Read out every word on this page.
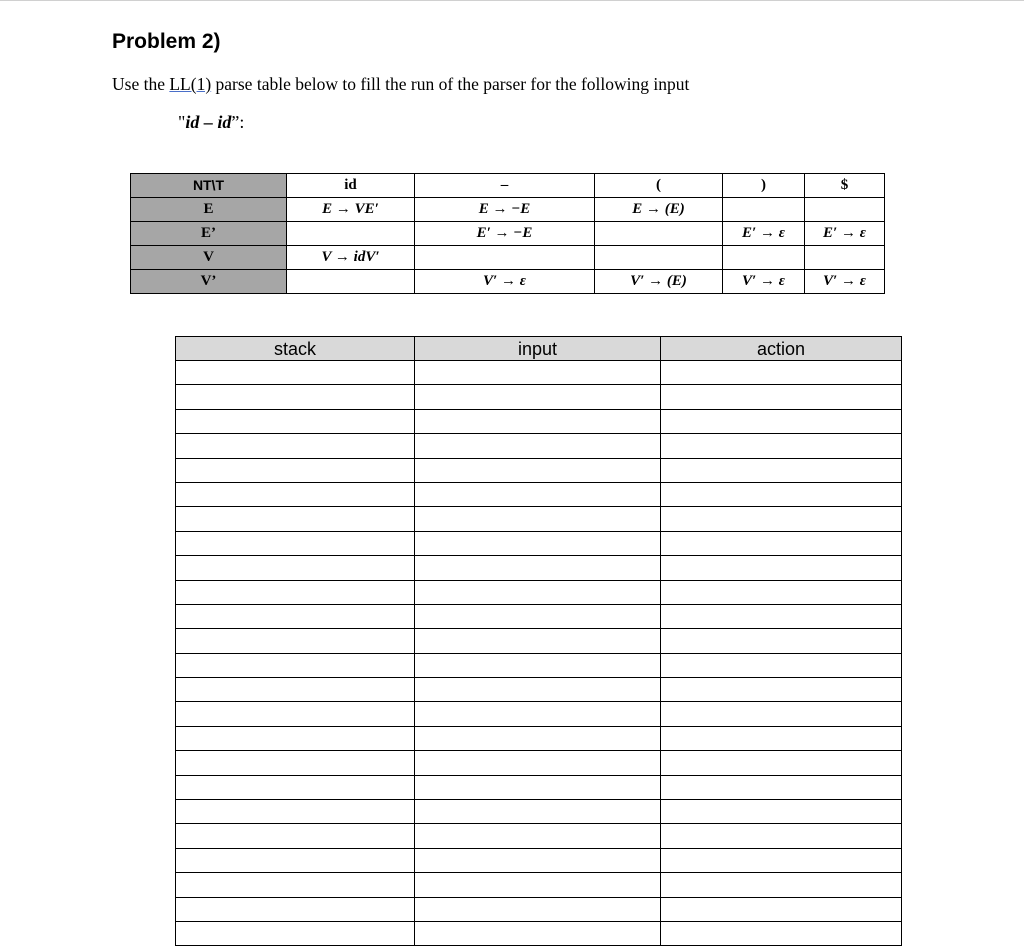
Problem 2)
Use the LL(1) parse table below to fill the run of the parser for the following input
"id – id”:
NT\T	id	–	(	)	$
E	E → VE′	E → −E	E → (E)		
E’		E′ → −E		E′ → ε	E′ → ε
V	V → idV′				
V’		V′ → ε	V′ → (E)	V′ → ε	V′ → ε
stack	input	action
